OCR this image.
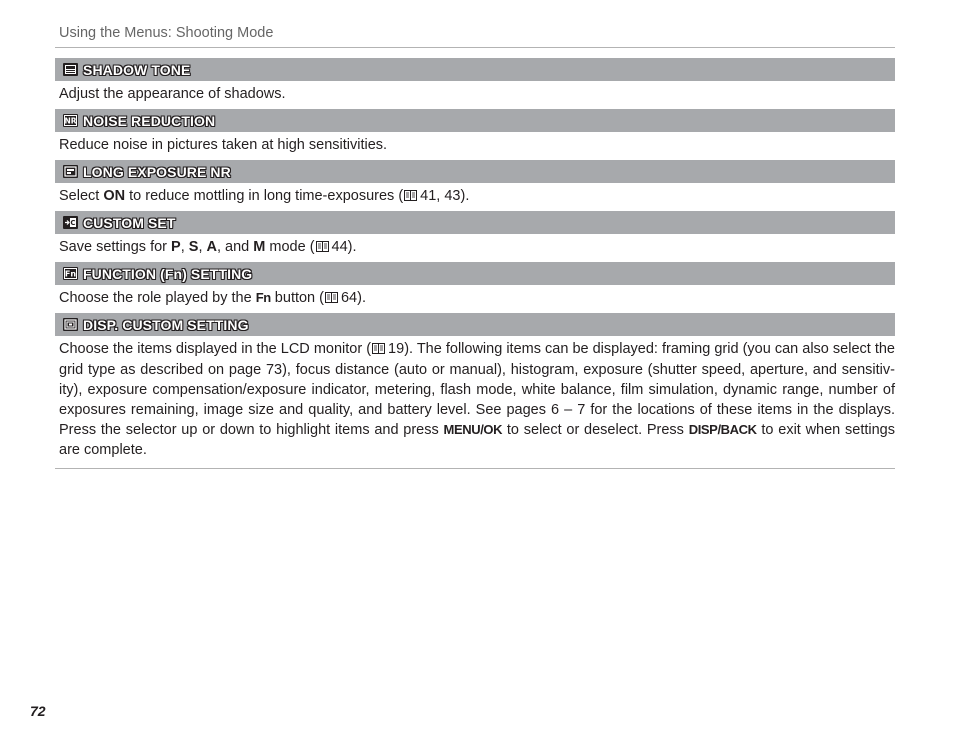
Using the Menus: Shooting Mode
SHADOW TONE
Adjust the appearance of shadows.
NR NOISE REDUCTION
Reduce noise in pictures taken at high sensitivities.
LONG EXPOSURE NR
Select ON to reduce mottling in long time-exposures ( 41, 43).
C CUSTOM SET
Save settings for P, S, A, and M mode ( 44).
Fn FUNCTION (Fn) SETTING
Choose the role played by the Fn button ( 64).
DISP. CUSTOM SETTING
Choose the items displayed in the LCD monitor ( 19). The following items can be displayed: framing grid (you can also select the grid type as described on page 73), focus distance (auto or manual), histogram, exposure (shutter speed, aperture, and sensitivity), exposure compensation/exposure indicator, metering, flash mode, white balance, film simulation, dynamic range, number of exposures remaining, image size and quality, and battery level. See pages 6 – 7 for the locations of these items in the displays. Press the selector up or down to highlight items and press MENU/OK to select or deselect. Press DISP/BACK to exit when settings are complete.
72
